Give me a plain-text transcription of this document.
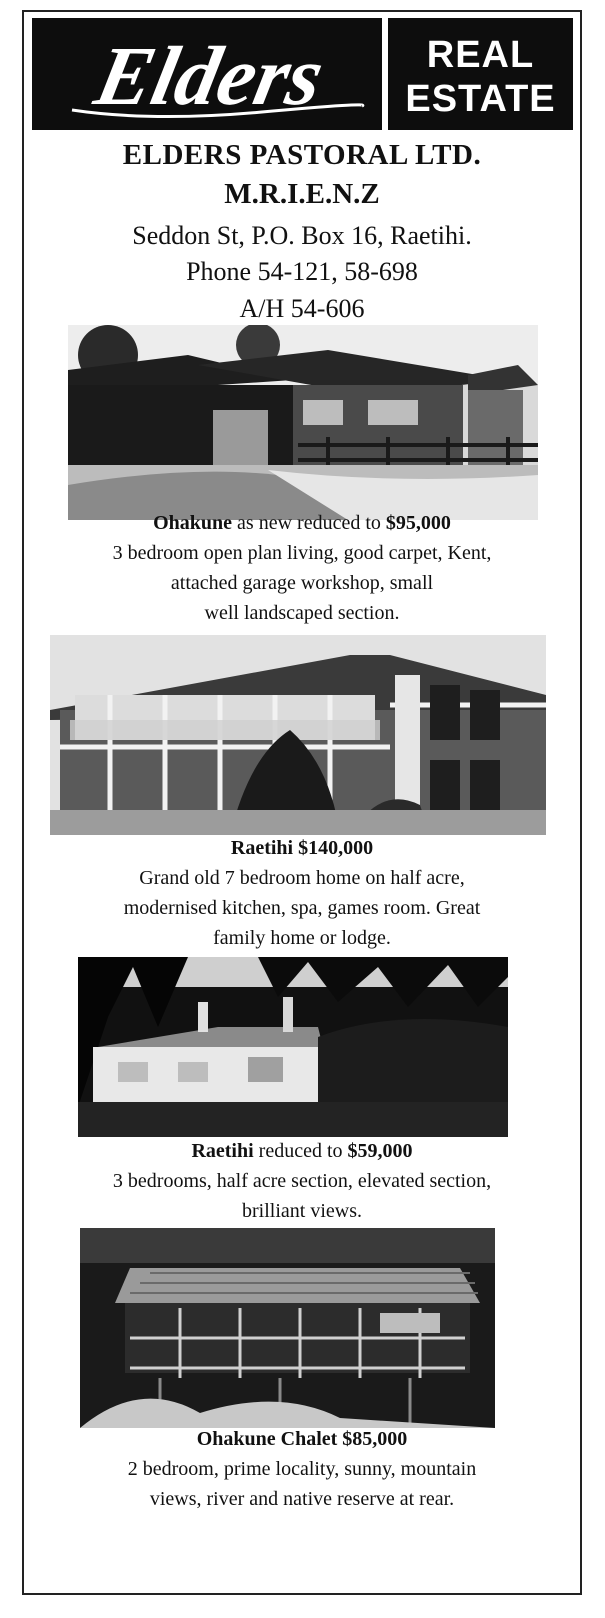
Elders	REAL
ESTATE
ELDERS PASTORAL LTD.
M.R.I.E.N.Z
Seddon St, P.O. Box 16, Raetihi.
Phone 54-121, 58-698
A/H 54-606
Ohakune as new reduced to $95,000
3 bedroom open plan living, good carpet, Kent,
attached garage workshop, small
well landscaped section.
Raetihi $140,000
Grand old 7 bedroom home on half acre,
modernised kitchen, spa, games room. Great
family home or lodge.
Raetihi reduced to $59,000
3 bedrooms, half acre section, elevated section,
brilliant views.
Ohakune Chalet $85,000
2 bedroom, prime locality, sunny, mountain
views, river and native reserve at rear.
